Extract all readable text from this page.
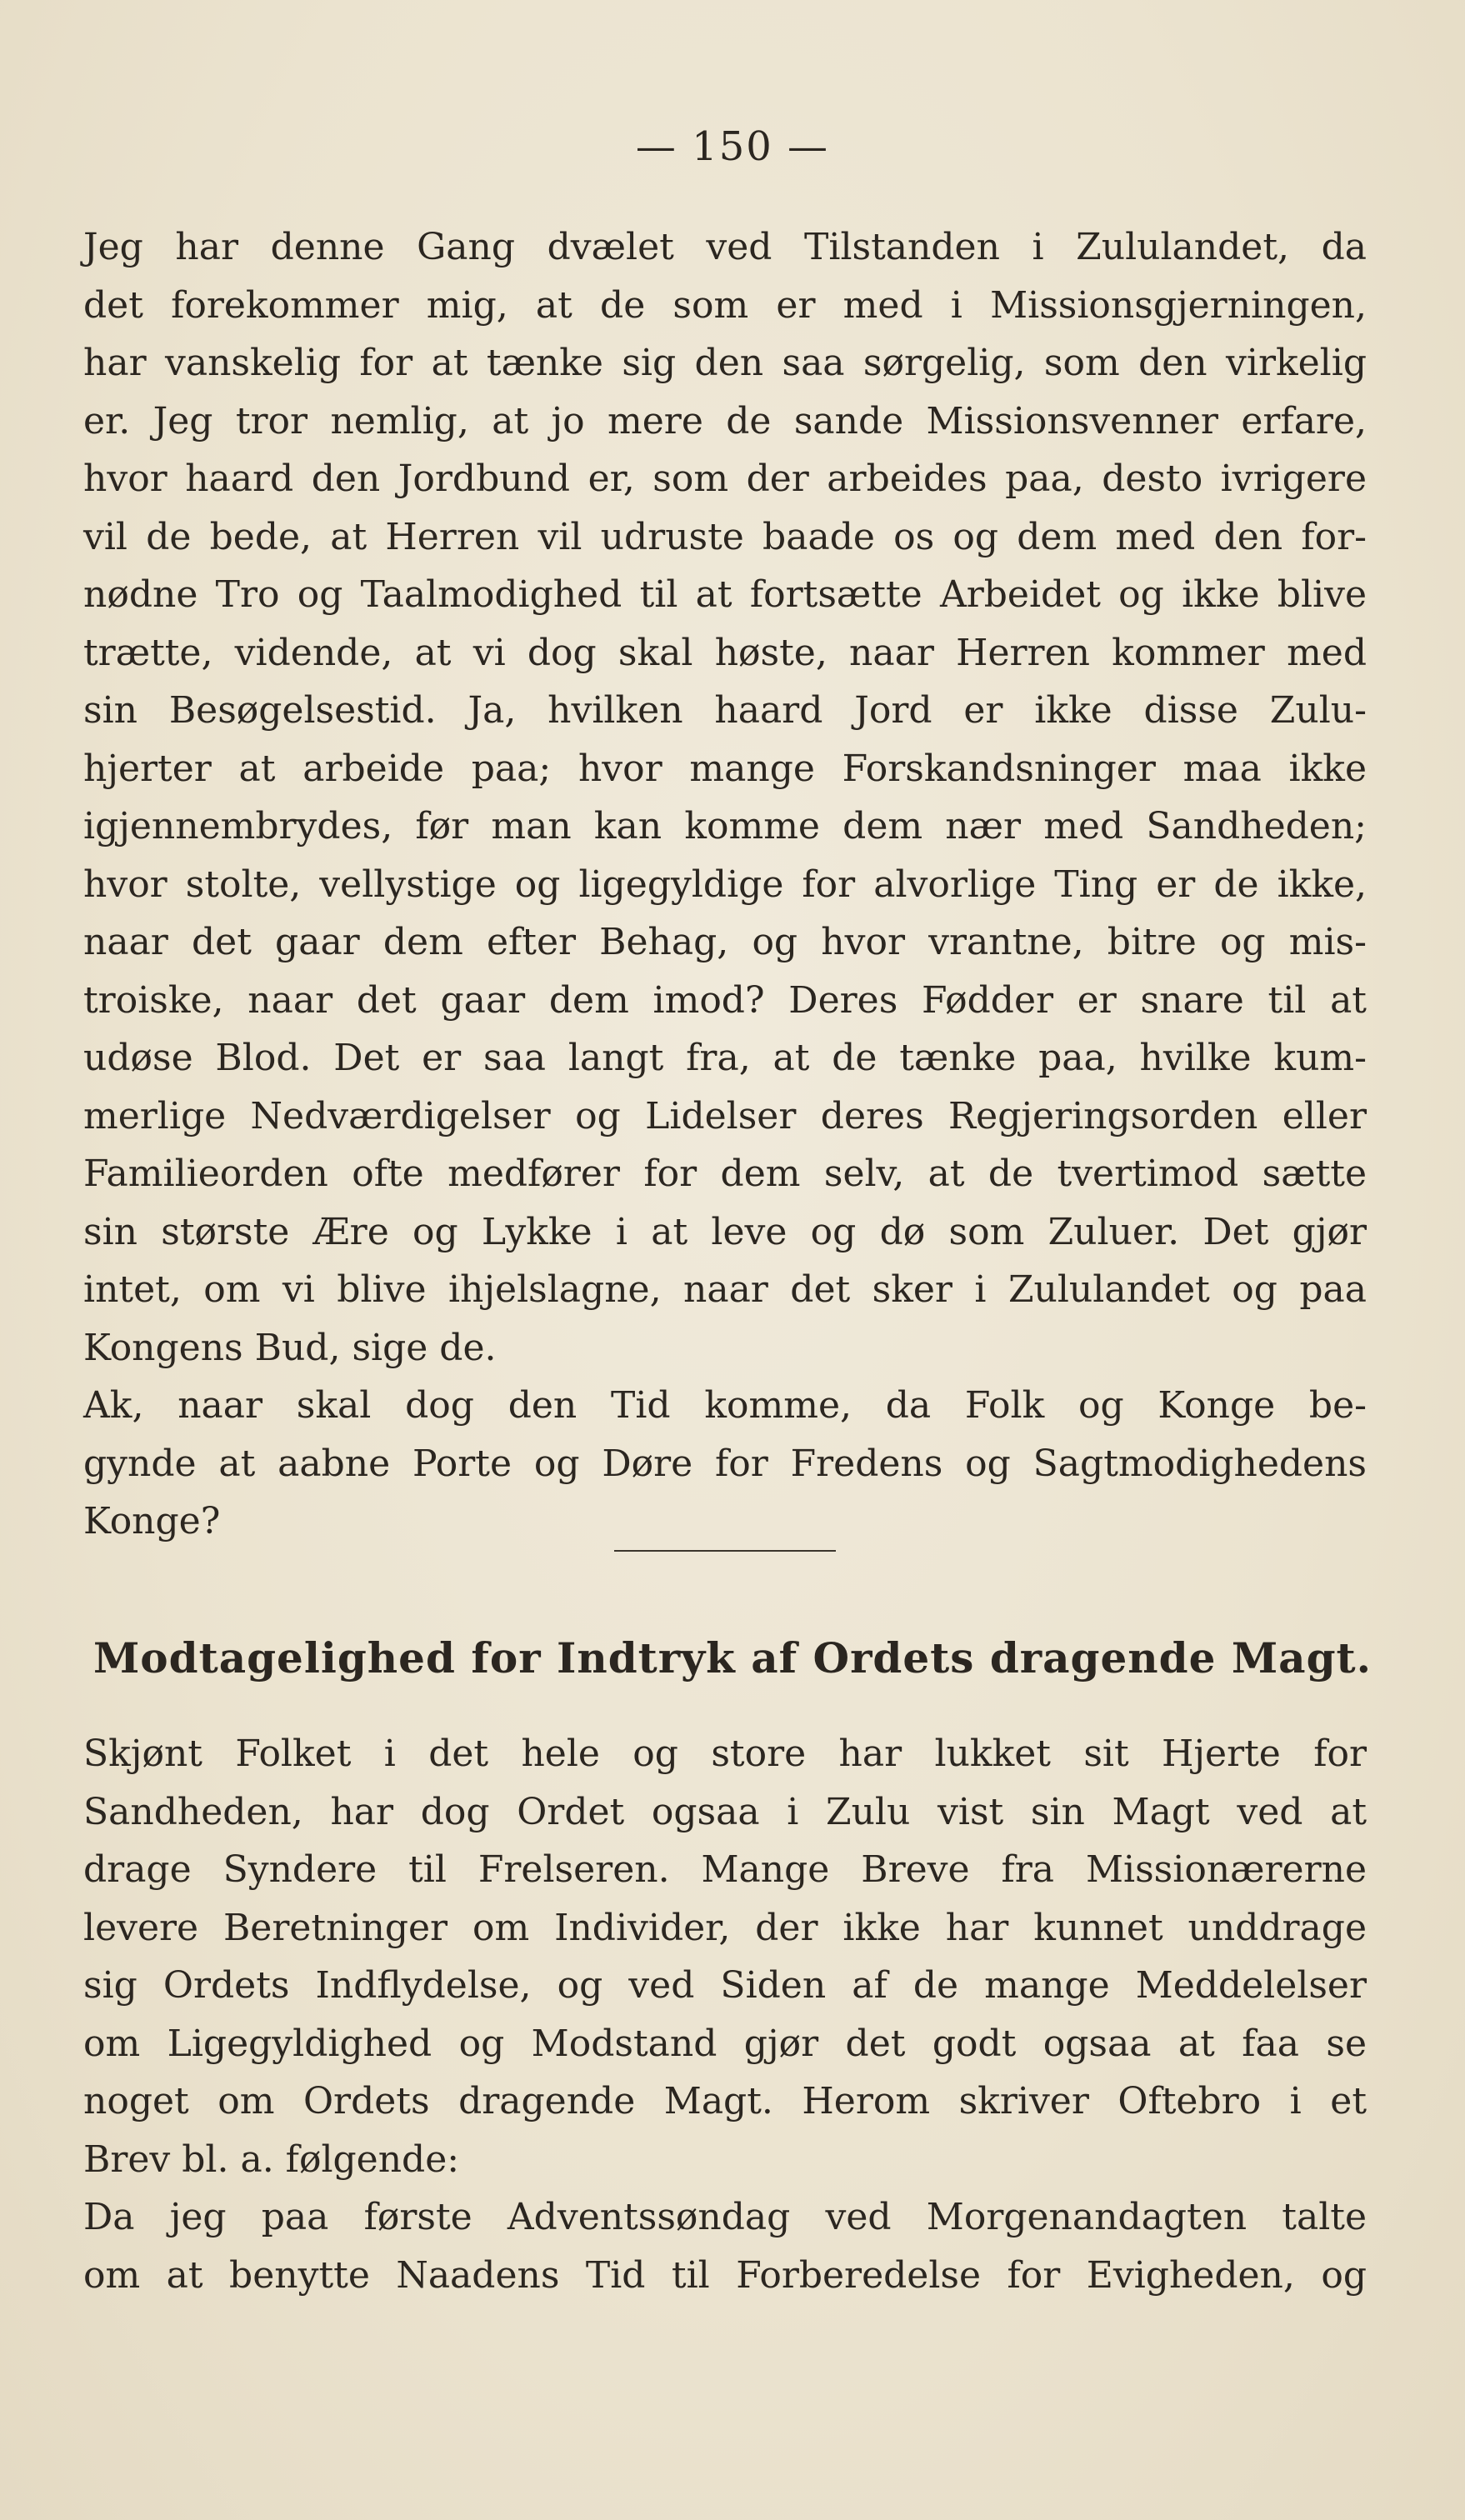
— 150 —
Jeg har denne Gang dvælet ved Tilstanden i Zululandet, da
det forekommer mig, at de som er med i Missionsgjerningen,
har vanskelig for at tænke sig den saa sørgelig, som den virkelig
er. Jeg tror nemlig, at jo mere de sande Missionsvenner erfare,
hvor haard den Jordbund er, som der arbeides paa, desto ivrigere
vil de bede, at Herren vil udruste baade os og dem med den for-
nødne Tro og Taalmodighed til at fortsætte Arbeidet og ikke blive
trætte, vidende, at vi dog skal høste, naar Herren kommer med
sin Besøgelsestid. Ja, hvilken haard Jord er ikke disse Zulu-
hjerter at arbeide paa; hvor mange Forskandsninger maa ikke
igjennembrydes, før man kan komme dem nær med Sandheden;
hvor stolte, vellystige og ligegyldige for alvorlige Ting er de ikke,
naar det gaar dem efter Behag, og hvor vrantne, bitre og mis-
troiske, naar det gaar dem imod? Deres Fødder er snare til at
udøse Blod. Det er saa langt fra, at de tænke paa, hvilke kum-
merlige Nedværdigelser og Lidelser deres Regjeringsorden eller
Familieorden ofte medfører for dem selv, at de tvertimod sætte
sin største Ære og Lykke i at leve og dø som Zuluer. Det gjør
intet, om vi blive ihjelslagne, naar det sker i Zululandet og paa
Kongens Bud, sige de.
Ak, naar skal dog den Tid komme, da Folk og Konge be-
gynde at aabne Porte og Døre for Fredens og Sagtmodighedens
Konge?
Modtagelighed for Indtryk af Ordets dragende Magt.
Skjønt Folket i det hele og store har lukket sit Hjerte for
Sandheden, har dog Ordet ogsaa i Zulu vist sin Magt ved at
drage Syndere til Frelseren. Mange Breve fra Missionærerne
levere Beretninger om Individer, der ikke har kunnet unddrage
sig Ordets Indflydelse, og ved Siden af de mange Meddelelser
om Ligegyldighed og Modstand gjør det godt ogsaa at faa se
noget om Ordets dragende Magt. Herom skriver Oftebro i et
Brev bl. a. følgende:
Da jeg paa første Adventssøndag ved Morgenandagten talte
om at benytte Naadens Tid til Forberedelse for Evigheden, og
